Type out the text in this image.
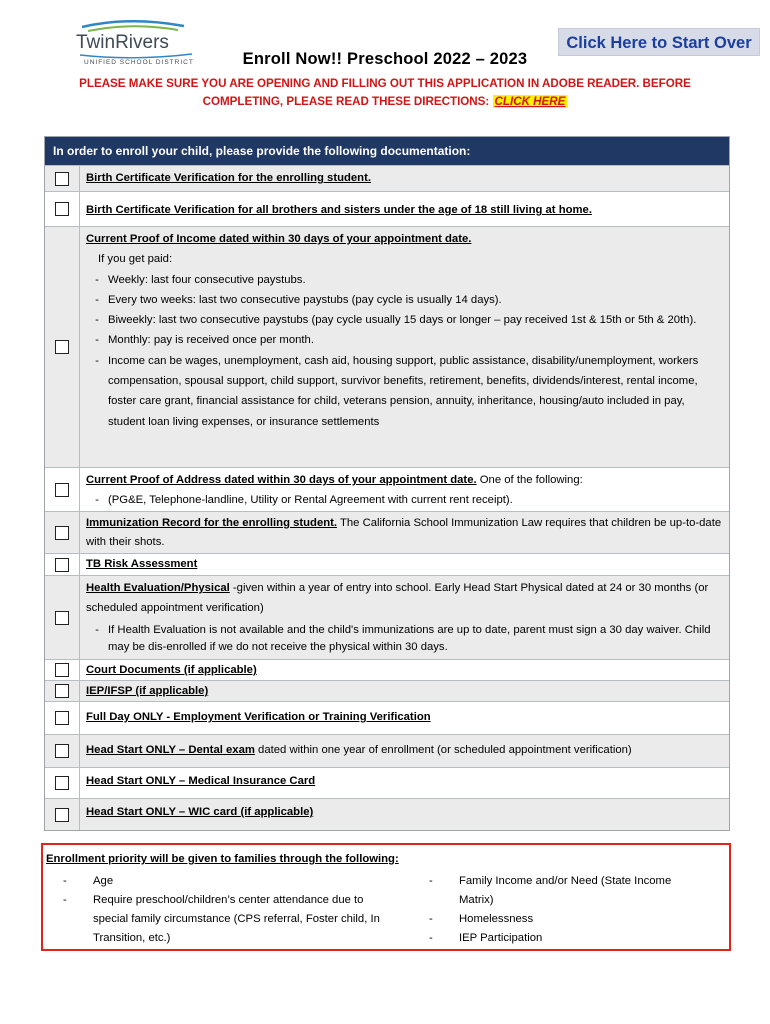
TwinRivers
UNIFIED SCHOOL DISTRICT
Click Here to Start Over
Enroll Now!! Preschool 2022 – 2023
PLEASE MAKE SURE YOU ARE OPENING AND FILLING OUT THIS APPLICATION IN ADOBE READER. BEFORE COMPLETING, PLEASE READ THESE DIRECTIONS: CLICK HERE
In order to enroll your child, please provide the following documentation:
Birth Certificate Verification for the enrolling student.
Birth Certificate Verification for all brothers and sisters under the age of 18 still living at home.
Current Proof of Income dated within 30 days of your appointment date.
If you get paid:
- Weekly: last four consecutive paystubs.
- Every two weeks: last two consecutive paystubs (pay cycle is usually 14 days).
- Biweekly: last two consecutive paystubs (pay cycle usually 15 days or longer – pay received 1st & 15th or 5th & 20th).
- Monthly: pay is received once per month.
- Income can be wages, unemployment, cash aid, housing support, public assistance, disability/unemployment, workers compensation, spousal support, child support, survivor benefits, retirement, benefits, dividends/interest, rental income, foster care grant, financial assistance for child, veterans pension, annuity, inheritance, housing/auto included in pay, student loan living expenses, or insurance settlements
Current Proof of Address dated within 30 days of your appointment date. One of the following:
- (PG&E, Telephone-landline, Utility or Rental Agreement with current rent receipt).
Immunization Record for the enrolling student. The California School Immunization Law requires that children be up-to-date with their shots.
TB Risk Assessment
Health Evaluation/Physical -given within a year of entry into school. Early Head Start Physical dated at 24 or 30 months (or scheduled appointment verification)
- If Health Evaluation is not available and the child's immunizations are up to date, parent must sign a 30 day waiver. Child may be dis-enrolled if we do not receive the physical within 30 days.
Court Documents (if applicable)
IEP/IFSP (if applicable)
Full Day ONLY - Employment Verification or Training Verification
Head Start ONLY – Dental exam dated within one year of enrollment (or scheduled appointment verification)
Head Start ONLY – Medical Insurance Card
Head Start ONLY – WIC card (if applicable)
Enrollment priority will be given to families through the following:
-	Age
-	Require preschool/children’s center attendance due to special family circumstance (CPS referral, Foster child, In Transition, etc.)
-	Family Income and/or Need (State Income Matrix)
-	Homelessness
-	IEP Participation
